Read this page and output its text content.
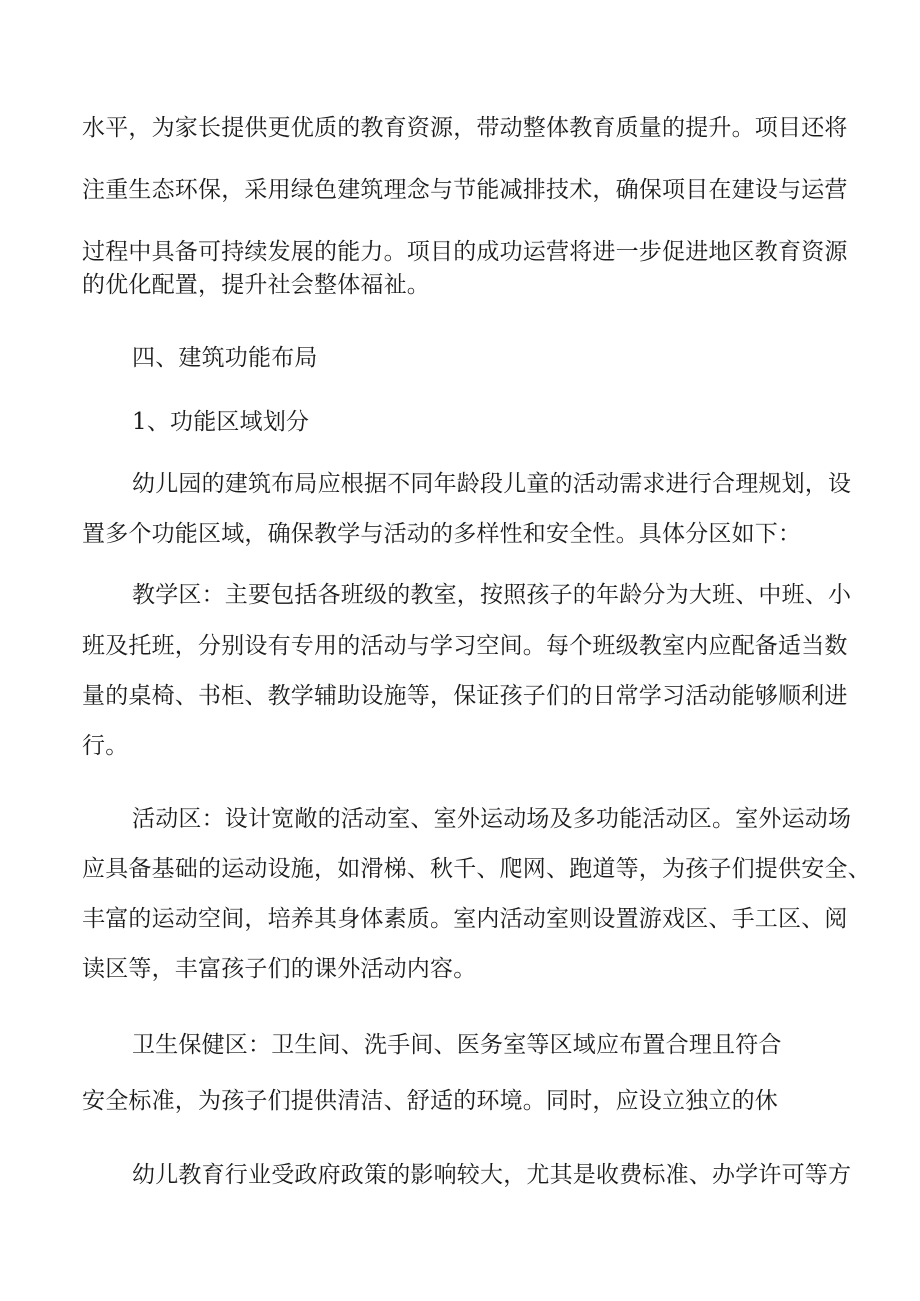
水平，为家长提供更优质的教育资源，带动整体教育质量的提升。项目还将
注重生态环保，采用绿色建筑理念与节能减排技术，确保项目在建设与运营
过程中具备可持续发展的能力。项目的成功运营将进一步促进地区教育资源
的优化配置，提升社会整体福祉。
四、建筑功能布局
1、功能区域划分
幼儿园的建筑布局应根据不同年龄段儿童的活动需求进行合理规划，设
置多个功能区域，确保教学与活动的多样性和安全性。具体分区如下：
教学区：主要包括各班级的教室，按照孩子的年龄分为大班、中班、小
班及托班，分别设有专用的活动与学习空间。每个班级教室内应配备适当数
量的桌椅、书柜、教学辅助设施等，保证孩子们的日常学习活动能够顺利进
行。
活动区：设计宽敞的活动室、室外运动场及多功能活动区。室外运动场
应具备基础的运动设施，如滑梯、秋千、爬网、跑道等，为孩子们提供安全、
丰富的运动空间，培养其身体素质。室内活动室则设置游戏区、手工区、阅
读区等，丰富孩子们的课外活动内容。
卫生保健区：卫生间、洗手间、医务室等区域应布置合理且符合
安全标准，为孩子们提供清洁、舒适的环境。同时，应设立独立的休
幼儿教育行业受政府政策的影响较大，尤其是收费标准、办学许可等方
